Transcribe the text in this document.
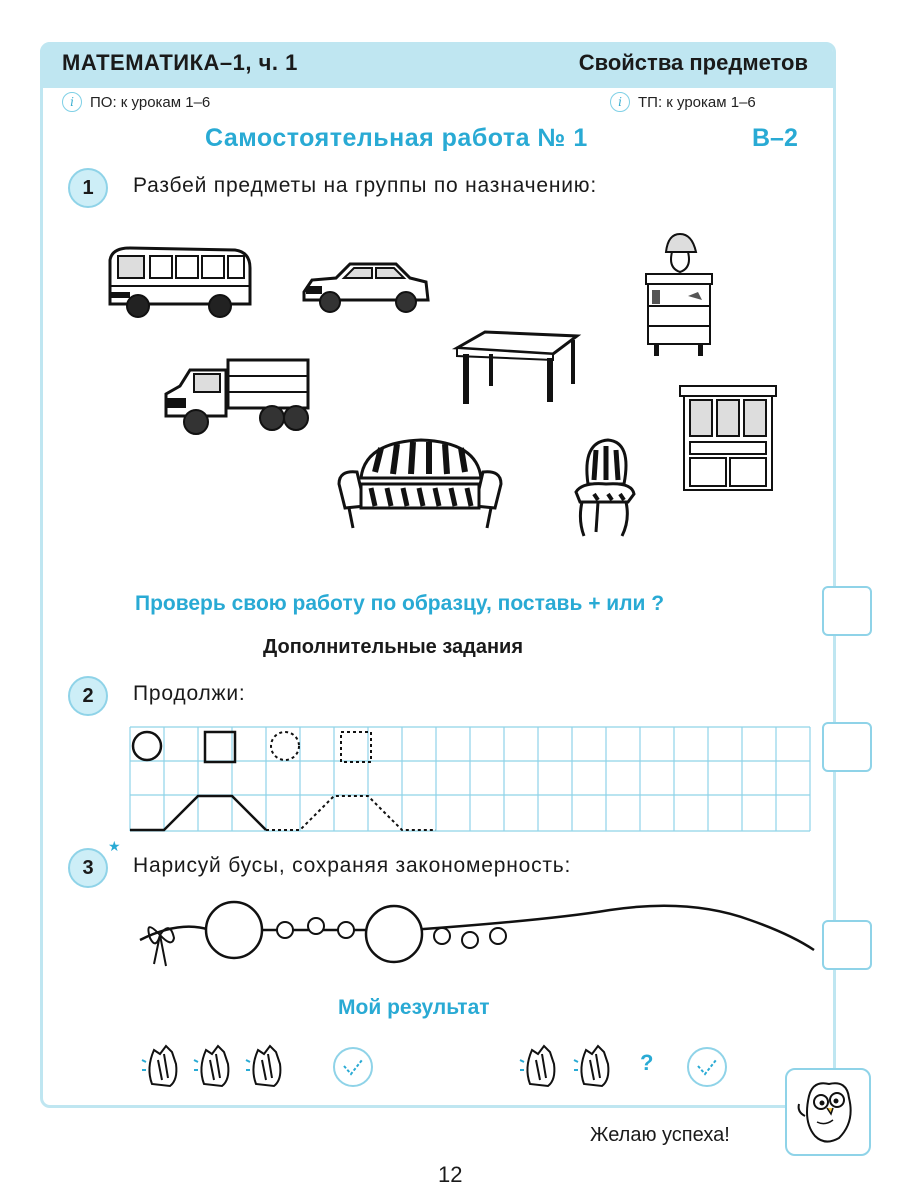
МАТЕМАТИКА–1, ч. 1	Свойства предметов
i	ПО: к урокам 1–6	i	ТП: к урокам 1–6
Самостоятельная работа № 1	В–2
1	Разбей предметы на группы по назначению:
Проверь свою работу по образцу, поставь + или ?
Дополнительные задания
2	Продолжи:
3
★
Нарисуй бусы, сохраняя закономерность:
Мой результат
?
Желаю успеха!
12
